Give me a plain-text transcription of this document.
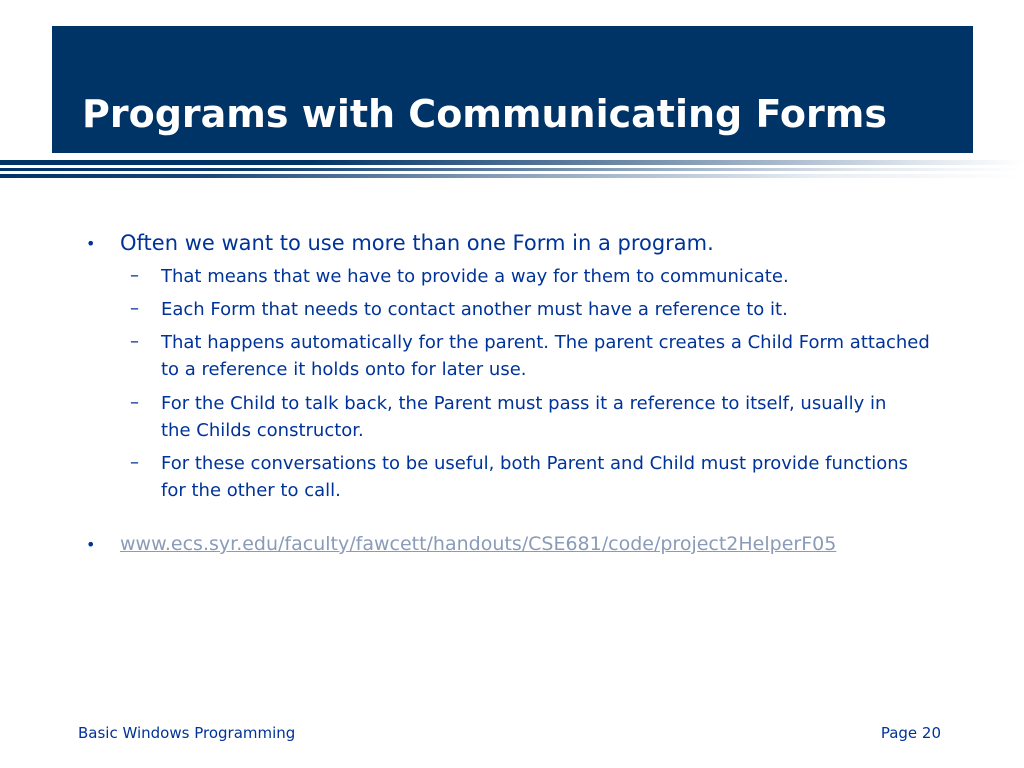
Programs with Communicating Forms
• Often we want to use more than one Form in a program.
– That means that we have to provide a way for them to communicate.
– Each Form that needs to contact another must have a reference to it.
– That happens automatically for the parent. The parent creates a Child Form attached to a reference it holds onto for later use.
– For the Child to talk back, the Parent must pass it a reference to itself, usually in the Childs constructor.
– For these conversations to be useful, both Parent and Child must provide functions for the other to call.
• www.ecs.syr.edu/faculty/fawcett/handouts/CSE681/code/project2HelperF05
Basic Windows Programming	Page 20
